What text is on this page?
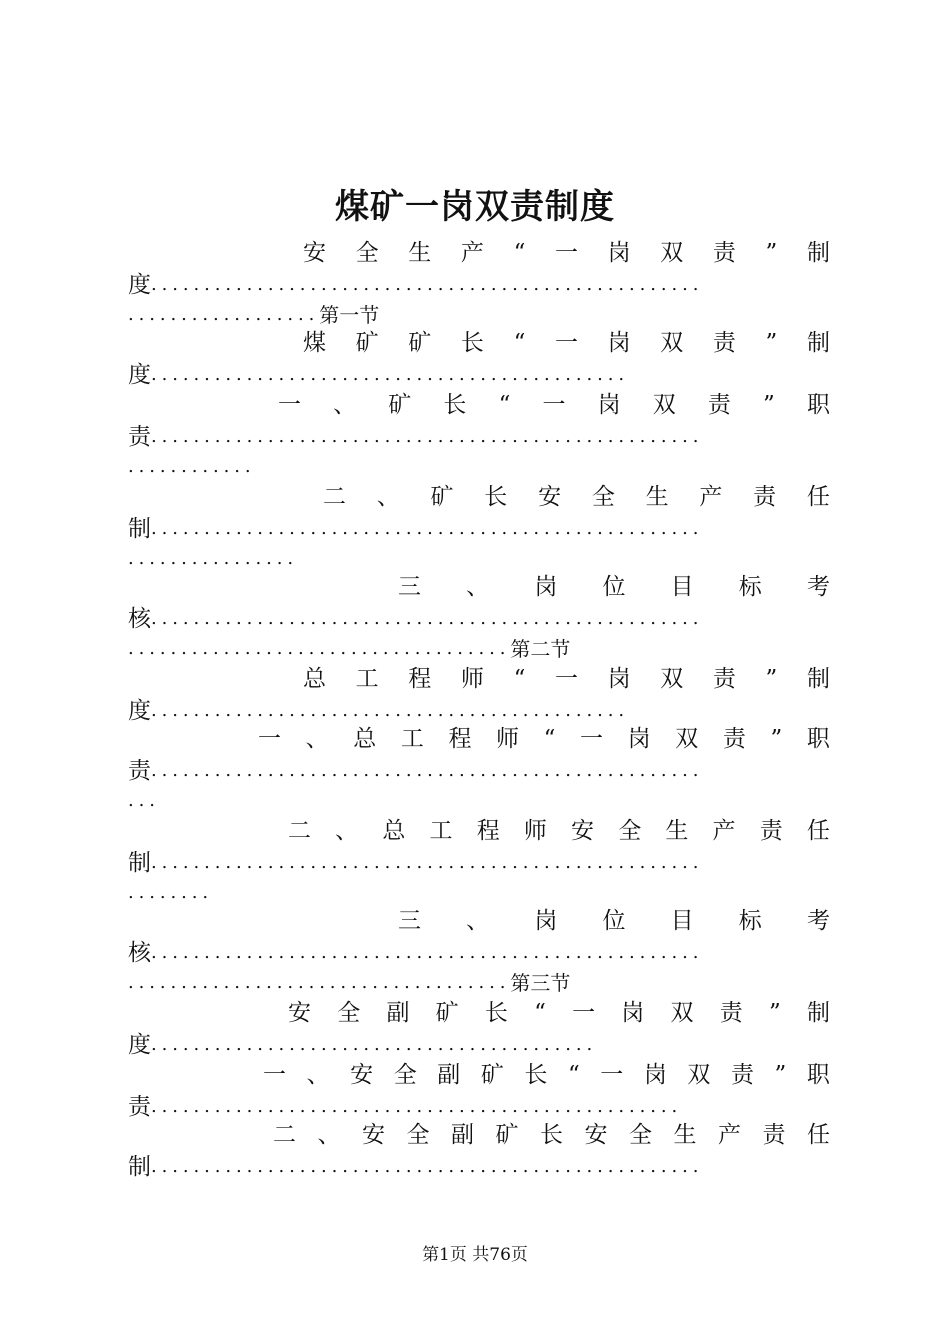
煤矿一岗双责制度
安 全 生 产 “ 一 岗 双 责 ” 制
度....................................................
..................第一节
煤 矿 矿 长 “ 一 岗 双 责 ” 制
度.............................................
一 、 矿 长 “ 一 岗 双 责 ” 职
责....................................................
............
二 、 矿 长 安 全 生 产 责 任
制....................................................
................
三 、 岗 位 目 标 考
核....................................................
....................................第二节
总 工 程 师 “ 一 岗 双 责 ” 制
度.............................................
一 、 总 工 程 师 “ 一 岗 双 责 ” 职
责....................................................
...
二 、 总 工 程 师 安 全 生 产 责 任
制....................................................
........
三 、 岗 位 目 标 考
核....................................................
....................................第三节
安 全 副 矿 长 “ 一 岗 双 责 ” 制
度..........................................
一 、 安 全 副 矿 长 “ 一 岗 双 责 ” 职
责..................................................
二 、 安 全 副 矿 长 安 全 生 产 责 任
制....................................................
第1页 共76页
